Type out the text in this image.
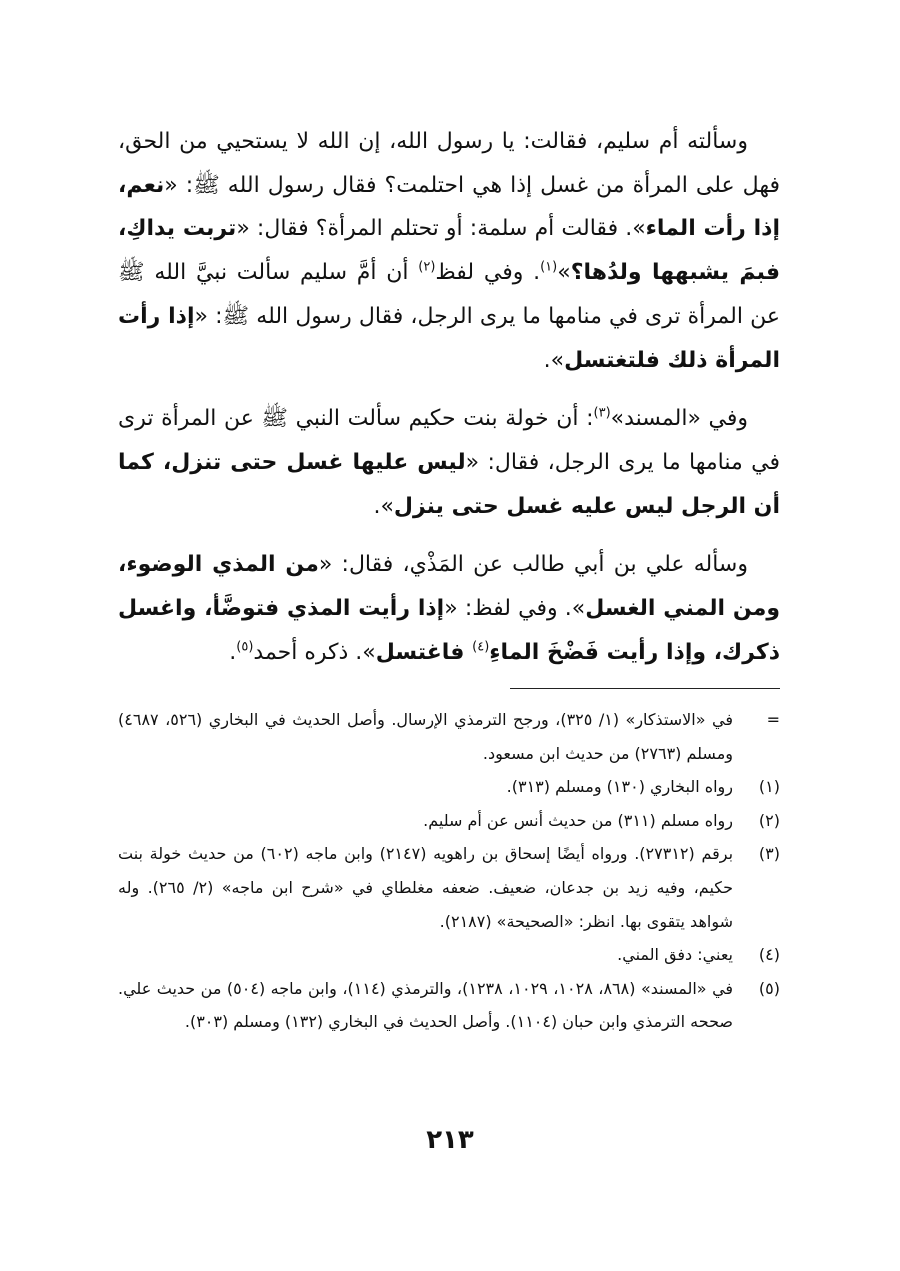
وسألته أم سليم، فقالت: يا رسول الله، إن الله لا يستحيي من الحق، فهل على المرأة من غسل إذا هي احتلمت؟ فقال رسول الله ﷺ: «نعم، إذا رأت الماء». فقالت أم سلمة: أو تحتلم المرأة؟ فقال: «تربت يداكِ، فبمَ يشبهها ولدُها؟»$^{(١)}$. وفي لفظ$^{(٢)}$ أن أمَّ سليم سألت نبيَّ الله ﷺ عن المرأة ترى في منامها ما يرى الرجل، فقال رسول الله ﷺ: «إذا رأت المرأة ذلك فلتغتسل».

وفي «المسند»$^{(٣)}$: أن خولة بنت حكيم سألت النبي ﷺ عن المرأة ترى في منامها ما يرى الرجل، فقال: «ليس عليها غسل حتى تنزل، كما أن الرجل ليس عليه غسل حتى ينزل».

وسأله علي بن أبي طالب عن المَذْي، فقال: «من المذي الوضوء، ومن المني الغسل». وفي لفظ: «إذا رأيت المذي فتوضَّأ، واغسل ذكرك، وإذا رأيت فَضْخَ الماءِ$^{(٤)}$ فاغتسل». ذكره أحمد$^{(٥)}$.

=
في «الاستذكار» (١/ ٣٢٥)، ورجح الترمذي الإرسال. وأصل الحديث في البخاري (٥٢٦، ٤٦٨٧) ومسلم (٢٧٦٣) من حديث ابن مسعود.
(١)
رواه البخاري (١٣٠) ومسلم (٣١٣).
(٢)
رواه مسلم (٣١١) من حديث أنس عن أم سليم.
(٣)
برقم (٢٧٣١٢). ورواه أيضًا إسحاق بن راهويه (٢١٤٧) وابن ماجه (٦٠٢) من حديث خولة بنت حكيم، وفيه زيد بن جدعان، ضعيف. ضعفه مغلطاي في «شرح ابن ماجه» (٢/ ٢٦٥). وله شواهد يتقوى بها. انظر: «الصحيحة» (٢١٨٧).
(٤)
يعني: دفق المني.
(٥)
في «المسند» (٨٦٨، ١٠٢٨، ١٠٢٩، ١٢٣٨)، والترمذي (١١٤)، وابن ماجه (٥٠٤) من حديث علي. صححه الترمذي وابن حبان (١١٠٤). وأصل الحديث في البخاري (١٣٢) ومسلم (٣٠٣).
٢١٣
